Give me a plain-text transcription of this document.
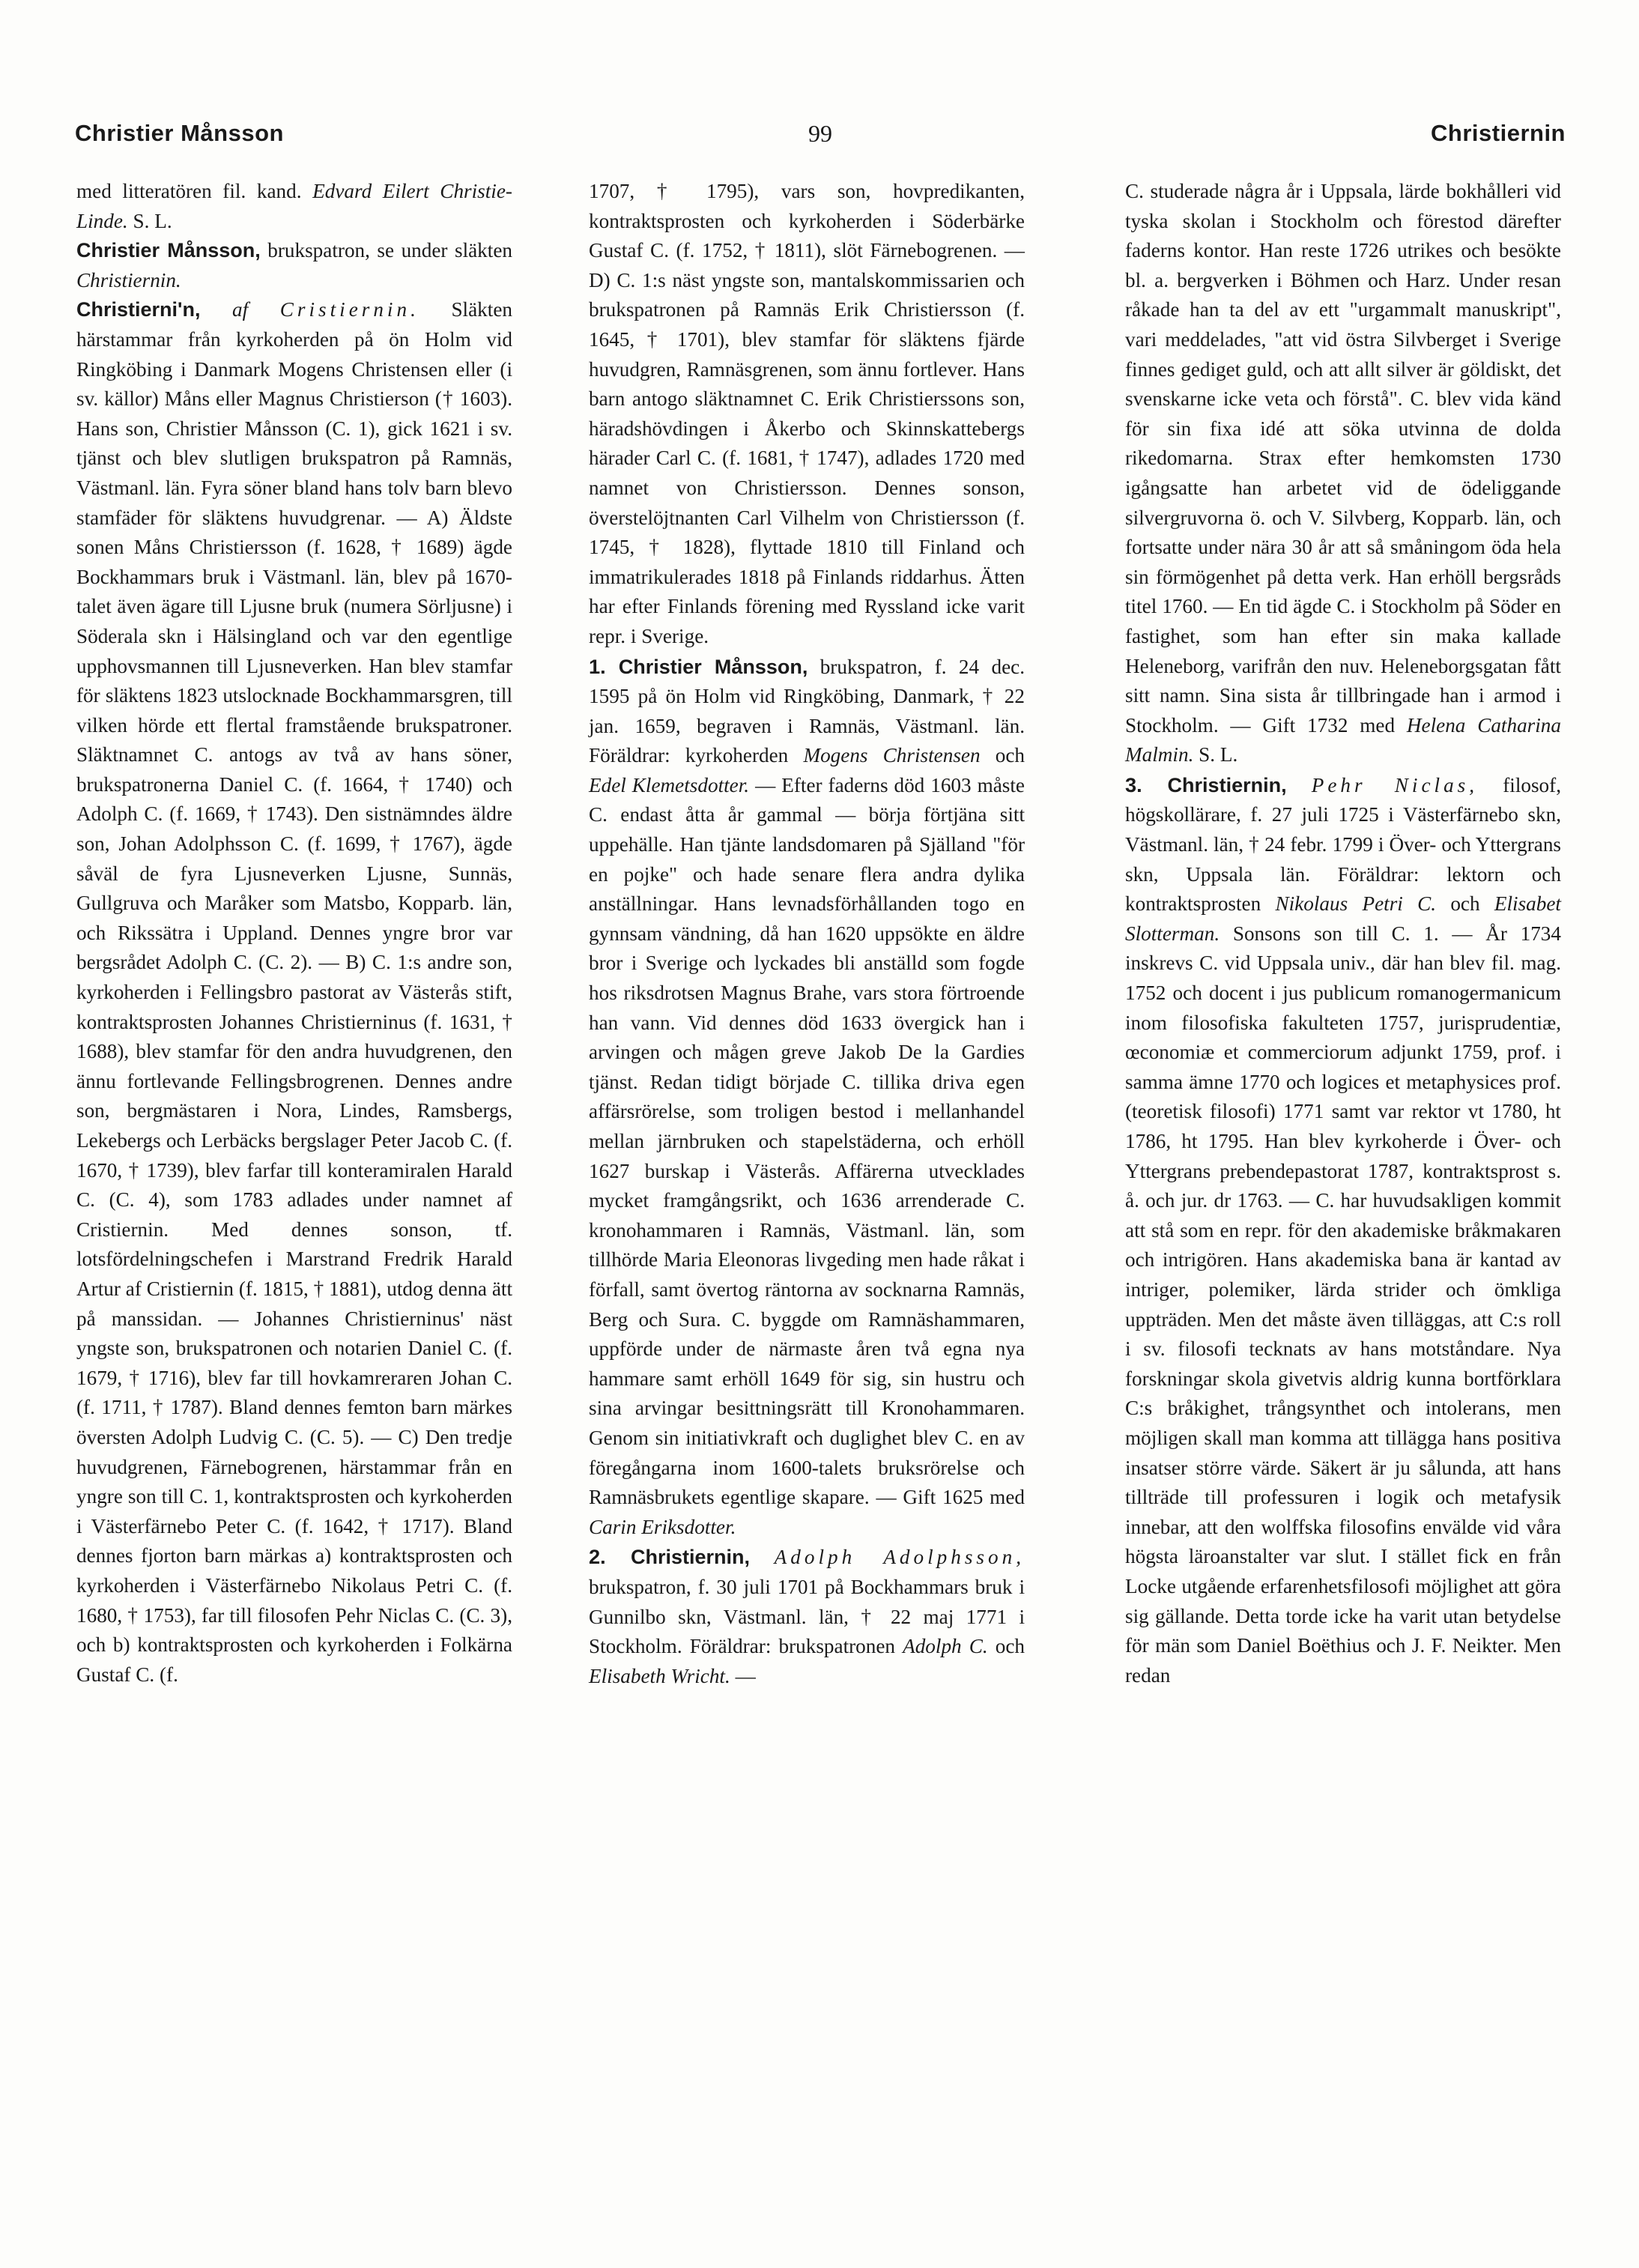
Christier Månsson	99	Christiernin

med litteratören fil. kand. Edvard Eilert Christie-Linde. S. L.

Christier Månsson, brukspatron, se under släkten Christiernin.

Christierni'n, af Cristiernin. Släkten härstammar från kyrkoherden på ön Holm vid Ringköbing i Danmark Mogens Christensen eller (i sv. källor) Måns eller Magnus Christierson († 1603). Hans son, Christier Månsson (C. 1), gick 1621 i sv. tjänst och blev slutligen brukspatron på Ramnäs, Västmanl. län. Fyra söner bland hans tolv barn blevo stamfäder för släktens huvudgrenar. — A) Äldste sonen Måns Christiersson (f. 1628, † 1689) ägde Bockhammars bruk i Västmanl. län, blev på 1670-talet även ägare till Ljusne bruk (numera Sörljusne) i Söderala skn i Hälsingland och var den egentlige upphovsmannen till Ljusneverken. Han blev stamfar för släktens 1823 utslocknade Bockhammarsgren, till vilken hörde ett flertal framstående brukspatroner. Släktnamnet C. antogs av två av hans söner, brukspatronerna Daniel C. (f. 1664, † 1740) och Adolph C. (f. 1669, † 1743). Den sistnämndes äldre son, Johan Adolphsson C. (f. 1699, † 1767), ägde såväl de fyra Ljusneverken Ljusne, Sunnäs, Gullgruva och Maråker som Matsbo, Kopparb. län, och Rikssätra i Uppland. Dennes yngre bror var bergsrådet Adolph C. (C. 2). — B) C. 1:s andre son, kyrkoherden i Fellingsbro pastorat av Västerås stift, kontraktsprosten Johannes Christierninus (f. 1631, † 1688), blev stamfar för den andra huvudgrenen, den ännu fortlevande Fellingsbrogrenen. Dennes andre son, bergmästaren i Nora, Lindes, Ramsbergs, Lekebergs och Lerbäcks bergslager Peter Jacob C. (f. 1670, † 1739), blev farfar till konteramiralen Harald C. (C. 4), som 1783 adlades under namnet af Cristiernin. Med dennes sonson, tf. lotsfördelningschefen i Marstrand Fredrik Harald Artur af Cristiernin (f. 1815, † 1881), utdog denna ätt på manssidan. — Johannes Christierninus' näst yngste son, brukspatronen och notarien Daniel C. (f. 1679, † 1716), blev far till hovkamreraren Johan C. (f. 1711, † 1787). Bland dennes femton barn märkes översten Adolph Ludvig C. (C. 5). — C) Den tredje huvudgrenen, Färnebogrenen, härstammar från en yngre son till C. 1, kontraktsprosten och kyrkoherden i Västerfärnebo Peter C. (f. 1642, † 1717). Bland dennes fjorton barn märkas a) kontraktsprosten och kyrkoherden i Västerfärnebo Nikolaus Petri C. (f. 1680, † 1753), far till filosofen Pehr Niclas C. (C. 3), och b) kontraktsprosten och kyrkoherden i Folkärna Gustaf C. (f.

1707, † 1795), vars son, hovpredikanten, kontraktsprosten och kyrkoherden i Söderbärke Gustaf C. (f. 1752, † 1811), slöt Färnebogrenen. — D) C. 1:s näst yngste son, mantalskommissarien och brukspatronen på Ramnäs Erik Christiersson (f. 1645, † 1701), blev stamfar för släktens fjärde huvudgren, Ramnäsgrenen, som ännu fortlever. Hans barn antogo släktnamnet C. Erik Christierssons son, häradshövdingen i Åkerbo och Skinnskattebergs härader Carl C. (f. 1681, † 1747), adlades 1720 med namnet von Christiersson. Dennes sonson, överstelöjtnanten Carl Vilhelm von Christiersson (f. 1745, † 1828), flyttade 1810 till Finland och immatrikulerades 1818 på Finlands riddarhus. Ätten har efter Finlands förening med Ryssland icke varit repr. i Sverige.

1. Christier Månsson, brukspatron, f. 24 dec. 1595 på ön Holm vid Ringköbing, Danmark, † 22 jan. 1659, begraven i Ramnäs, Västmanl. län. Föräldrar: kyrkoherden Mogens Christensen och Edel Klemetsdotter. — Efter faderns död 1603 måste C. endast åtta år gammal — börja förtjäna sitt uppehälle. Han tjänte landsdomaren på Själland "för en pojke" och hade senare flera andra dylika anställningar. Hans levnadsförhållanden togo en gynnsam vändning, då han 1620 uppsökte en äldre bror i Sverige och lyckades bli anställd som fogde hos riksdrotsen Magnus Brahe, vars stora förtroende han vann. Vid dennes död 1633 övergick han i arvingen och mågen greve Jakob De la Gardies tjänst. Redan tidigt började C. tillika driva egen affärsrörelse, som troligen bestod i mellanhandel mellan järnbruken och stapelstäderna, och erhöll 1627 burskap i Västerås. Affärerna utvecklades mycket framgångsrikt, och 1636 arrenderade C. kronohammaren i Ramnäs, Västmanl. län, som tillhörde Maria Eleonoras livgeding men hade råkat i förfall, samt övertog räntorna av socknarna Ramnäs, Berg och Sura. C. byggde om Ramnäshammaren, uppförde under de närmaste åren två egna nya hammare samt erhöll 1649 för sig, sin hustru och sina arvingar besittningsrätt till Kronohammaren. Genom sin initiativkraft och duglighet blev C. en av föregångarna inom 1600-talets bruksrörelse och Ramnäsbrukets egentlige skapare. — Gift 1625 med Carin Eriksdotter.

2. Christiernin, Adolph Adolphsson, brukspatron, f. 30 juli 1701 på Bockhammars bruk i Gunnilbo skn, Västmanl. län, † 22 maj 1771 i Stockholm. Föräldrar: brukspatronen Adolph C. och Elisabeth Wricht. —

C. studerade några år i Uppsala, lärde bokhålleri vid tyska skolan i Stockholm och förestod därefter faderns kontor. Han reste 1726 utrikes och besökte bl. a. bergverken i Böhmen och Harz. Under resan råkade han ta del av ett "urgammalt manuskript", vari meddelades, "att vid östra Silvberget i Sverige finnes gediget guld, och att allt silver är göldiskt, det svenskarne icke veta och förstå". C. blev vida känd för sin fixa idé att söka utvinna de dolda rikedomarna. Strax efter hemkomsten 1730 igångsatte han arbetet vid de ödeliggande silvergruvorna ö. och V. Silvberg, Kopparb. län, och fortsatte under nära 30 år att så småningom öda hela sin förmögenhet på detta verk. Han erhöll bergsråds titel 1760. — En tid ägde C. i Stockholm på Söder en fastighet, som han efter sin maka kallade Heleneborg, varifrån den nuv. Heleneborgsgatan fått sitt namn. Sina sista år tillbringade han i armod i Stockholm. — Gift 1732 med Helena Catharina Malmin. S. L.

3. Christiernin, Pehr Niclas, filosof, högskollärare, f. 27 juli 1725 i Västerfärnebo skn, Västmanl. län, † 24 febr. 1799 i Över- och Yttergrans skn, Uppsala län. Föräldrar: lektorn och kontraktsprosten Nikolaus Petri C. och Elisabet Slotterman. Sonsons son till C. 1. — År 1734 inskrevs C. vid Uppsala univ., där han blev fil. mag. 1752 och docent i jus publicum romanogermanicum inom filosofiska fakulteten 1757, jurisprudentiæ, œconomiæ et commerciorum adjunkt 1759, prof. i samma ämne 1770 och logices et metaphysices prof. (teoretisk filosofi) 1771 samt var rektor vt 1780, ht 1786, ht 1795. Han blev kyrkoherde i Över- och Yttergrans prebendepastorat 1787, kontraktsprost s. å. och jur. dr 1763. — C. har huvudsakligen kommit att stå som en repr. för den akademiske bråkmakaren och intrigören. Hans akademiska bana är kantad av intriger, polemiker, lärda strider och ömkliga uppträden. Men det måste även tilläggas, att C:s roll i sv. filosofi tecknats av hans motståndare. Nya forskningar skola givetvis aldrig kunna bortförklara C:s bråkighet, trångsynthet och intolerans, men möjligen skall man komma att tillägga hans positiva insatser större värde. Säkert är ju sålunda, att hans tillträde till professuren i logik och metafysik innebar, att den wolffska filosofins envälde vid våra högsta läroanstalter var slut. I stället fick en från Locke utgående erfarenhetsfilosofi möjlighet att göra sig gällande. Detta torde icke ha varit utan betydelse för män som Daniel Boëthius och J. F. Neikter. Men redan
